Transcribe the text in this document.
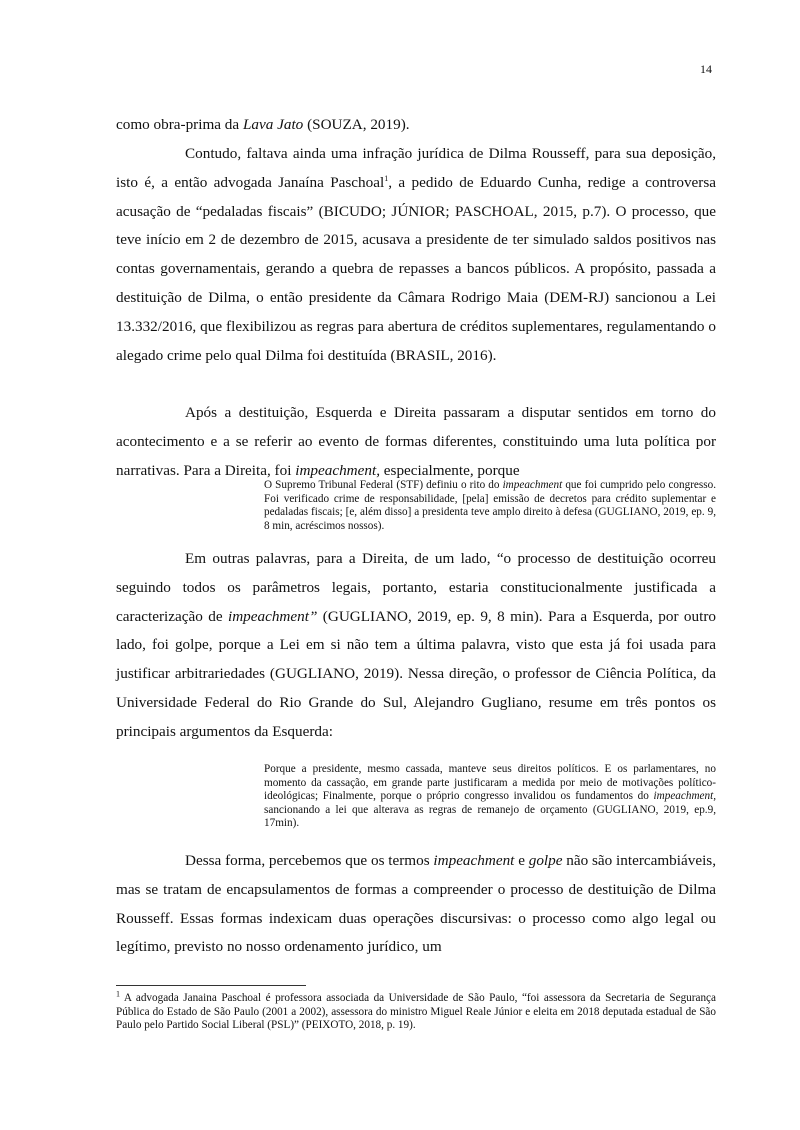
14

como obra-prima da Lava Jato (SOUZA, 2019).

Contudo, faltava ainda uma infração jurídica de Dilma Rousseff, para sua deposição, isto é, a então advogada Janaína Paschoal$^1$, a pedido de Eduardo Cunha, redige a controversa acusação de “pedaladas fiscais” (BICUDO; JÚNIOR; PASCHOAL, 2015, p.7). O processo, que teve início em 2 de dezembro de 2015, acusava a presidente de ter simulado saldos positivos nas contas governamentais, gerando a quebra de repasses a bancos públicos. A propósito, passada a destituição de Dilma, o então presidente da Câmara Rodrigo Maia (DEM-RJ) sancionou a Lei 13.332/2016, que flexibilizou as regras para abertura de créditos suplementares, regulamentando o alegado crime pelo qual Dilma foi destituída (BRASIL, 2016).

Após a destituição, Esquerda e Direita passaram a disputar sentidos em torno do acontecimento e a se referir ao evento de formas diferentes, constituindo uma luta política por narrativas. Para a Direita, foi impeachment, especialmente, porque

O Supremo Tribunal Federal (STF) definiu o rito do impeachment que foi cumprido pelo congresso. Foi verificado crime de responsabilidade, [pela] emissão de decretos para crédito suplementar e pedaladas fiscais; [e, além disso] a presidenta teve amplo direito à defesa (GUGLIANO, 2019, ep. 9, 8 min, acréscimos nossos).

Em outras palavras, para a Direita, de um lado, “o processo de destituição ocorreu seguindo todos os parâmetros legais, portanto, estaria constitucionalmente justificada a caracterização de impeachment” (GUGLIANO, 2019, ep. 9, 8 min). Para a Esquerda, por outro lado, foi golpe, porque a Lei em si não tem a última palavra, visto que esta já foi usada para justificar arbitrariedades (GUGLIANO, 2019). Nessa direção, o professor de Ciência Política, da Universidade Federal do Rio Grande do Sul, Alejandro Gugliano, resume em três pontos os principais argumentos da Esquerda:

Porque a presidente, mesmo cassada, manteve seus direitos políticos. E os parlamentares, no momento da cassação, em grande parte justificaram a medida por meio de motivações político-ideológicas; Finalmente, porque o próprio congresso invalidou os fundamentos do impeachment, sancionando a lei que alterava as regras de remanejo de orçamento (GUGLIANO, 2019, ep.9, 17min).

Dessa forma, percebemos que os termos impeachment e golpe não são intercambiáveis, mas se tratam de encapsulamentos de formas a compreender o processo de destituição de Dilma Rousseff. Essas formas indexicam duas operações discursivas: o processo como algo legal ou legítimo, previsto no nosso ordenamento jurídico, um

$^1$ A advogada Janaina Paschoal é professora associada da Universidade de São Paulo, “foi assessora da Secretaria de Segurança Pública do Estado de São Paulo (2001 a 2002), assessora do ministro Miguel Reale Júnior e eleita em 2018 deputada estadual de São Paulo pelo Partido Social Liberal (PSL)” (PEIXOTO, 2018, p. 19).
